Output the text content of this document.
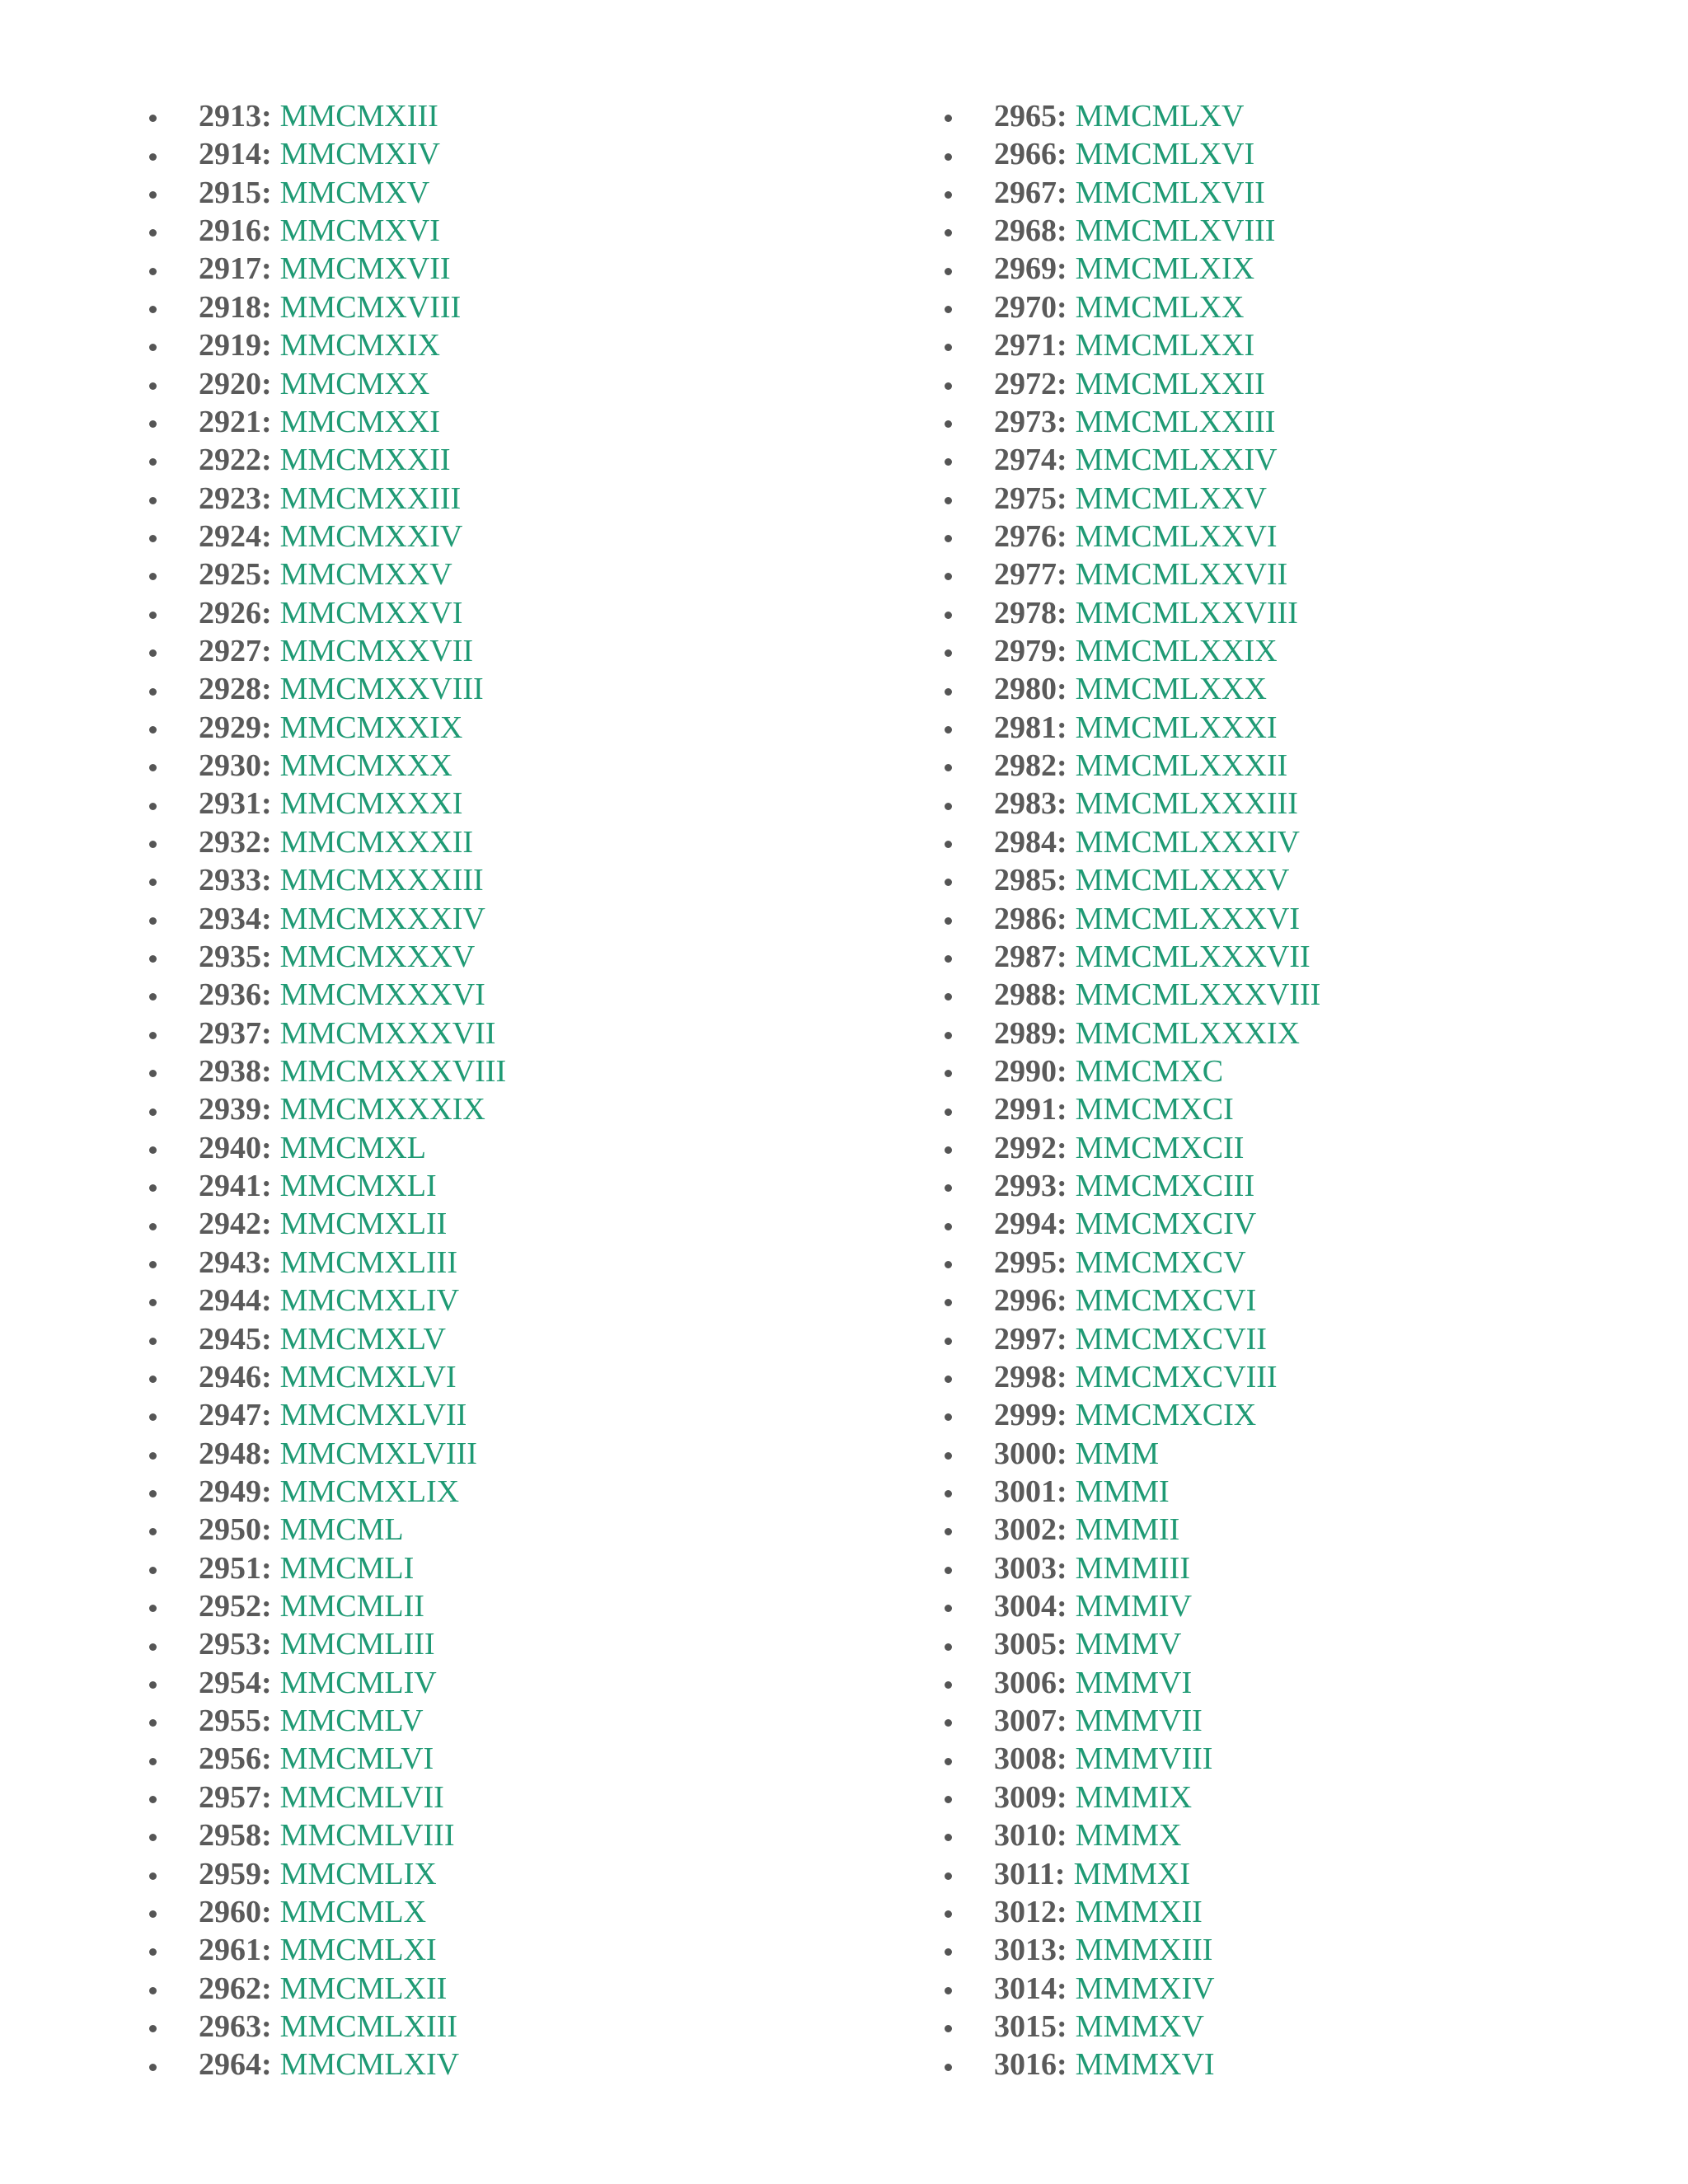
2913: MMCMXIII
2914: MMCMXIV
2915: MMCMXV
2916: MMCMXVI
2917: MMCMXVII
2918: MMCMXVIII
2919: MMCMXIX
2920: MMCMXX
2921: MMCMXXI
2922: MMCMXXII
2923: MMCMXXIII
2924: MMCMXXIV
2925: MMCMXXV
2926: MMCMXXVI
2927: MMCMXXVII
2928: MMCMXXVIII
2929: MMCMXXIX
2930: MMCMXXX
2931: MMCMXXXI
2932: MMCMXXXII
2933: MMCMXXXIII
2934: MMCMXXXIV
2935: MMCMXXXV
2936: MMCMXXXVI
2937: MMCMXXXVII
2938: MMCMXXXVIII
2939: MMCMXXXIX
2940: MMCMXL
2941: MMCMXLI
2942: MMCMXLII
2943: MMCMXLIII
2944: MMCMXLIV
2945: MMCMXLV
2946: MMCMXLVI
2947: MMCMXLVII
2948: MMCMXLVIII
2949: MMCMXLIX
2950: MMCML
2951: MMCMLI
2952: MMCMLII
2953: MMCMLIII
2954: MMCMLIV
2955: MMCMLV
2956: MMCMLVI
2957: MMCMLVII
2958: MMCMLVIII
2959: MMCMLIX
2960: MMCMLX
2961: MMCMLXI
2962: MMCMLXII
2963: MMCMLXIII
2964: MMCMLXIV
2965: MMCMLXV
2966: MMCMLXVI
2967: MMCMLXVII
2968: MMCMLXVIII
2969: MMCMLXIX
2970: MMCMLXX
2971: MMCMLXXI
2972: MMCMLXXII
2973: MMCMLXXIII
2974: MMCMLXXIV
2975: MMCMLXXV
2976: MMCMLXXVI
2977: MMCMLXXVII
2978: MMCMLXXVIII
2979: MMCMLXXIX
2980: MMCMLXXX
2981: MMCMLXXXI
2982: MMCMLXXXII
2983: MMCMLXXXIII
2984: MMCMLXXXIV
2985: MMCMLXXXV
2986: MMCMLXXXVI
2987: MMCMLXXXVII
2988: MMCMLXXXVIII
2989: MMCMLXXXIX
2990: MMCMXC
2991: MMCMXCI
2992: MMCMXCII
2993: MMCMXCIII
2994: MMCMXCIV
2995: MMCMXCV
2996: MMCMXCVI
2997: MMCMXCVII
2998: MMCMXCVIII
2999: MMCMXCIX
3000: MMM
3001: MMMI
3002: MMMII
3003: MMMIII
3004: MMMIV
3005: MMMV
3006: MMMVI
3007: MMMVII
3008: MMMVIII
3009: MMMIX
3010: MMMX
3011: MMMXI
3012: MMMXII
3013: MMMXIII
3014: MMMXIV
3015: MMMXV
3016: MMMXVI
